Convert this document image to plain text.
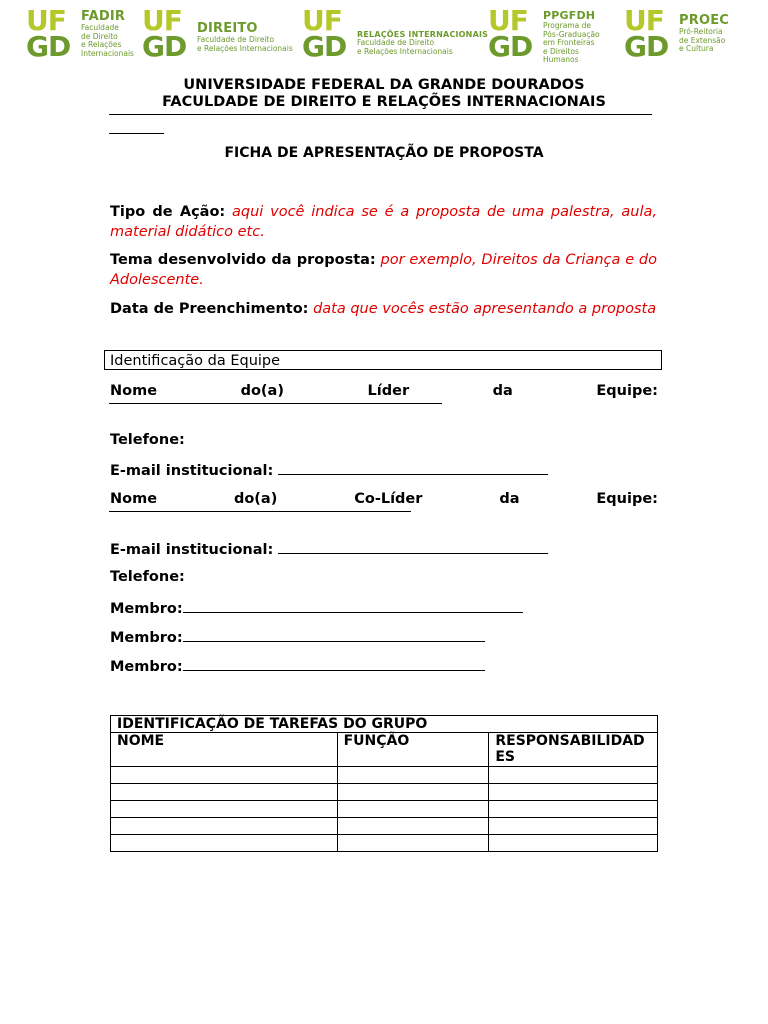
UF
GD
FADIR
Faculdade
de Direito
e Relações
Internacionais
UF
GD
DIREITO
Faculdade de Direito
e Relações Internacionais
UF
GD RELAÇÕES INTERNACIONAIS
Faculdade de Direito
e Relações Internacionais
UF
GD
PPGFDH
Programa de
Pós-Graduação
em Fronteiras
e Direitos
Humanos
UF
GD
PROEC
Pró-Reitoria
de Extensão
e Cultura
UNIVERSIDADE FEDERAL DA GRANDE DOURADOS
FACULDADE DE DIREITO E RELAÇÕES INTERNACIONAIS
FICHA DE APRESENTAÇÃO DE PROPOSTA
Tipo de Ação: aqui você indica se é a proposta de uma palestra, aula, material didático etc.
Tema desenvolvido da proposta: por exemplo, Direitos da Criança e do Adolescente.
Data de Preenchimento: data que vocês estão apresentando a proposta
Identificação da Equipe
Nome	do(a)	Líder	da	Equipe:
Telefone:
E-mail institucional:
Nome	do(a)	Co-Líder	da	Equipe:
E-mail institucional:
Telefone:
Membro:
Membro:
Membro:
IDENTIFICAÇÃO DE TAREFAS DO GRUPO		
NOME	FUNÇÃO	RESPONSABILIDADES
